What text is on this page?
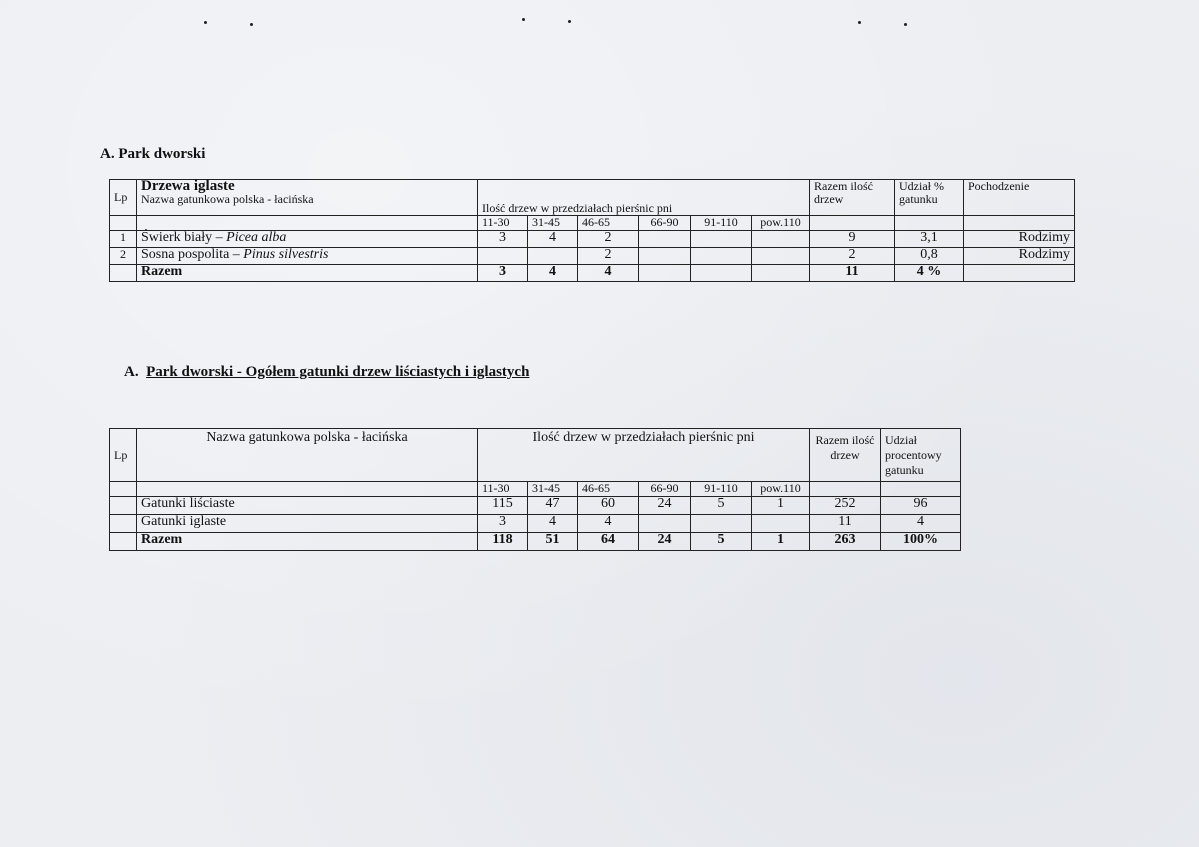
A. Park dworski
Lp	Drzewa iglaste
Nazwa gatunkowa polska - łacińska	Ilość drzew w przedziałach pierśnic pni						Razem ilość drzew	Udział % gatunku	Pochodzenie
		11-30	31-45	46-65	66-90	91-110	pow.110			
1	Świerk biały – Picea alba	3	4	2				9	3,1	Rodzimy
2	Sosna pospolita – Pinus silvestris			2				2	0,8	Rodzimy
	Razem	3	4	4				11	4 %	
A. Park dworski - Ogółem gatunki drzew liściastych i iglastych
Lp	Nazwa gatunkowa polska - łacińska	Ilość drzew w przedziałach pierśnic pni						Razem ilość drzew	Udział procentowy gatunku
		11-30	31-45	46-65	66-90	91-110	pow.110		
	Gatunki liściaste	115	47	60	24	5	1	252	96
	Gatunki iglaste	3	4	4				11	4
	Razem	118	51	64	24	5	1	263	100%
